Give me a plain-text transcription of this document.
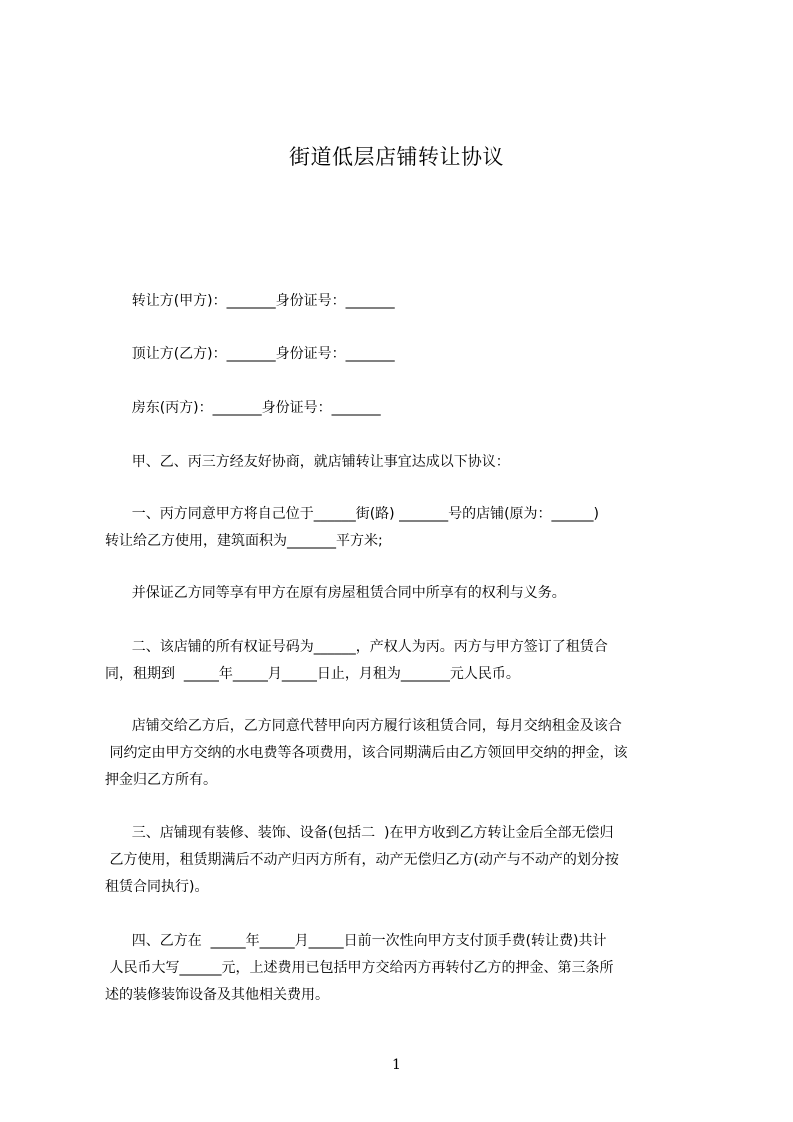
街道低层店铺转让协议
转让方(甲方)：_______身份证号：_______
顶让方(乙方)：_______身份证号：_______
房东(丙方)：_______身份证号：_______
甲、乙、丙三方经友好协商，就店铺转让事宜达成以下协议：
一、丙方同意甲方将自己位于______街(路) _______号的店铺(原为：______)
转让给乙方使用，建筑面积为_______平方米;
并保证乙方同等享有甲方在原有房屋租赁合同中所享有的权利与义务。
二、该店铺的所有权证号码为______，产权人为丙。丙方与甲方签订了租赁合
同，租期到  _____年_____月_____日止，月租为_______元人民币。
店铺交给乙方后，乙方同意代替甲向丙方履行该租赁合同，每月交纳租金及该合
同约定由甲方交纳的水电费等各项费用，该合同期满后由乙方领回甲交纳的押金，该
押金归乙方所有。
三、店铺现有装修、装饰、设备(包括二  )在甲方收到乙方转让金后全部无偿归
乙方使用，租赁期满后不动产归丙方所有，动产无偿归乙方(动产与不动产的划分按
租赁合同执行)。
四、乙方在  _____年_____月_____日前一次性向甲方支付顶手费(转让费)共计
人民币大写______元，上述费用已包括甲方交给丙方再转付乙方的押金、第三条所
述的装修装饰设备及其他相关费用。
1
